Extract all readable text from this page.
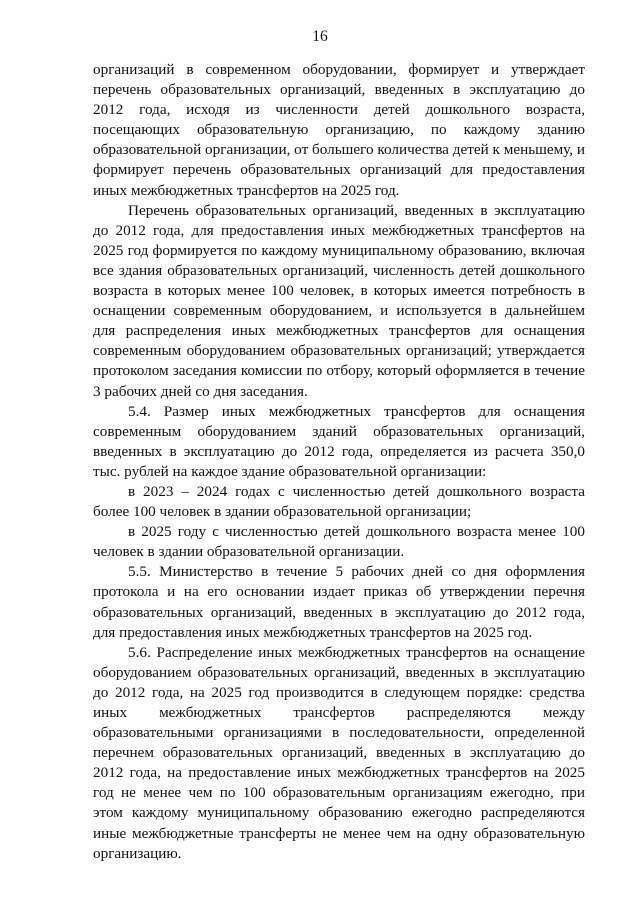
16

организаций в современном оборудовании, формирует и утверждает перечень образовательных организаций, введенных в эксплуатацию до 2012 года, исходя из численности детей дошкольного возраста, посещающих образовательную организацию, по каждому зданию образовательной организации, от большего количества детей к меньшему, и формирует перечень образовательных организаций для предоставления иных межбюджетных трансфертов на 2025 год.

Перечень образовательных организаций, введенных в эксплуатацию до 2012 года, для предоставления иных межбюджетных трансфертов на 2025 год формируется по каждому муниципальному образованию, включая все здания образовательных организаций, численность детей дошкольного возраста в которых менее 100 человек, в которых имеется потребность в оснащении современным оборудованием, и используется в дальнейшем для распределения иных межбюджетных трансфертов для оснащения современным оборудованием образовательных организаций; утверждается протоколом заседания комиссии по отбору, который оформляется в течение 3 рабочих дней со дня заседания.

5.4. Размер иных межбюджетных трансфертов для оснащения современным оборудованием зданий образовательных организаций, введенных в эксплуатацию до 2012 года, определяется из расчета 350,0 тыс. рублей на каждое здание образовательной организации:

в 2023 – 2024 годах с численностью детей дошкольного возраста более 100 человек в здании образовательной организации;

в 2025 году с численностью детей дошкольного возраста менее 100 человек в здании образовательной организации.

5.5. Министерство в течение 5 рабочих дней со дня оформления протокола и на его основании издает приказ об утверждении перечня образовательных организаций, введенных в эксплуатацию до 2012 года, для предоставления иных межбюджетных трансфертов на 2025 год.

5.6. Распределение иных межбюджетных трансфертов на оснащение оборудованием образовательных организаций, введенных в эксплуатацию до 2012 года, на 2025 год производится в следующем порядке: средства иных межбюджетных трансфертов распределяются между образовательными организациями в последовательности, определенной перечнем образовательных организаций, введенных в эксплуатацию до 2012 года, на предоставление иных межбюджетных трансфертов на 2025 год не менее чем по 100 образовательным организациям ежегодно, при этом каждому муниципальному образованию ежегодно распределяются иные межбюджетные трансферты не менее чем на одну образовательную организацию.
